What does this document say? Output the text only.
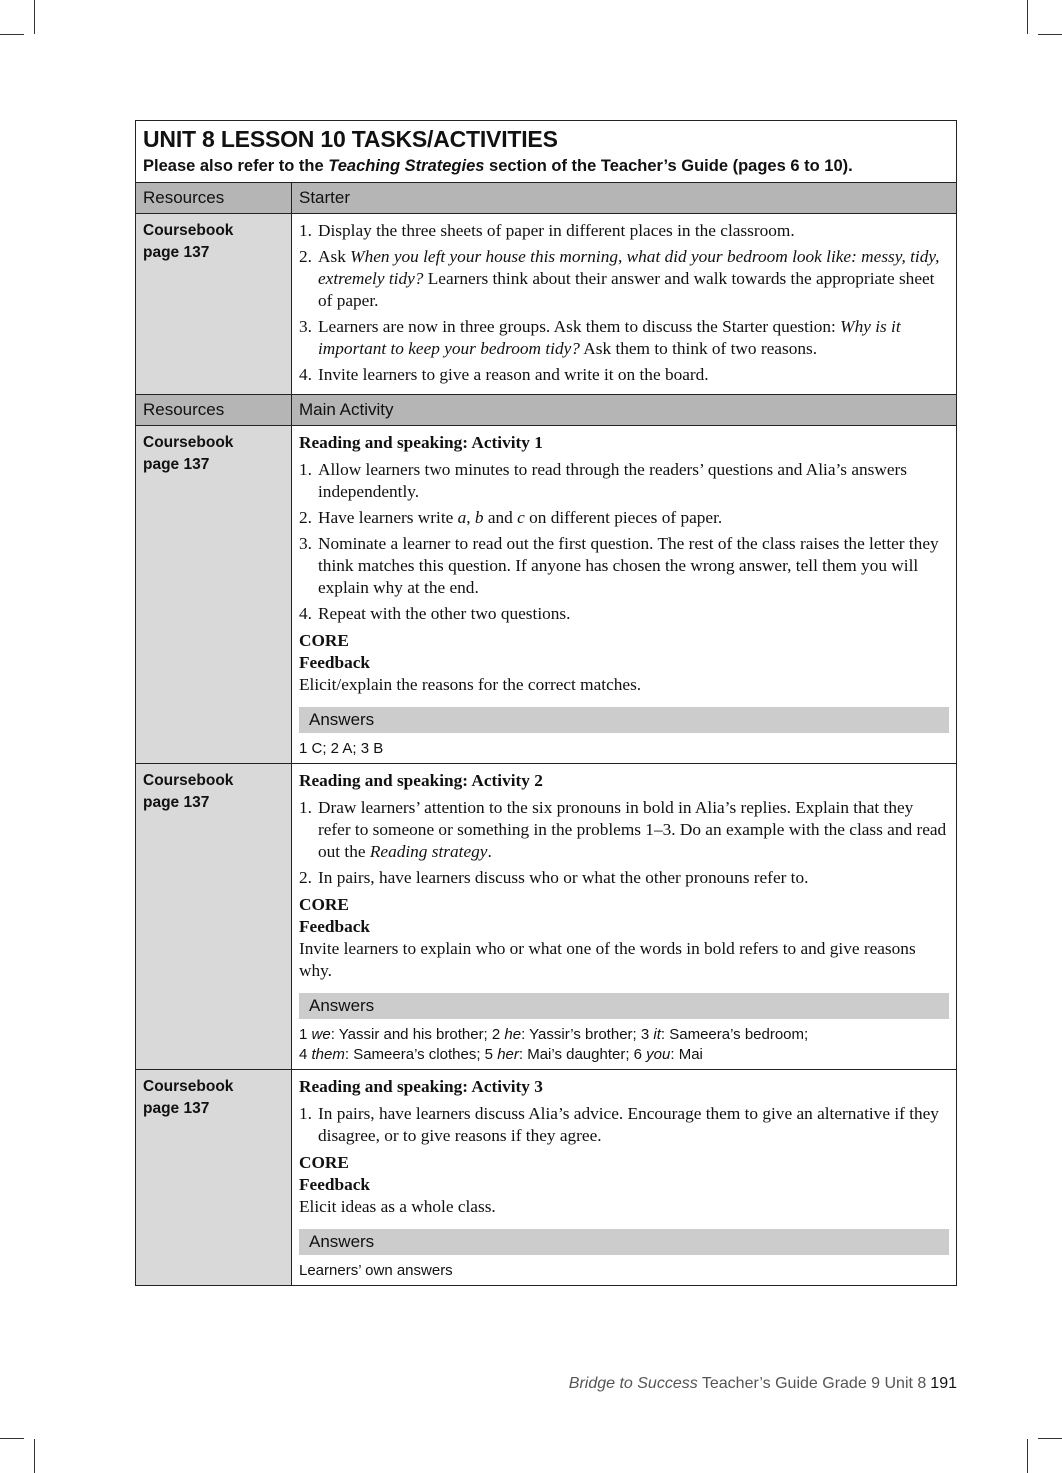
UNIT 8 LESSON 10 TASKS/ACTIVITIES
Please also refer to the Teaching Strategies section of the Teacher’s Guide (pages 6 to 10).
Resources	Starter
Coursebook
page 137
1. Display the three sheets of paper in different places in the classroom.
2. Ask When you left your house this morning, what did your bedroom look like: messy, tidy, extremely tidy? Learners think about their answer and walk towards the appropriate sheet of paper.
3. Learners are now in three groups. Ask them to discuss the Starter question: Why is it important to keep your bedroom tidy? Ask them to think of two reasons.
4. Invite learners to give a reason and write it on the board.
Resources	Main Activity
Coursebook
page 137
Reading and speaking: Activity 1
1. Allow learners two minutes to read through the readers’ questions and Alia’s answers independently.
2. Have learners write a, b and c on different pieces of paper.
3. Nominate a learner to read out the first question. The rest of the class raises the letter they think matches this question. If anyone has chosen the wrong answer, tell them you will explain why at the end.
4. Repeat with the other two questions.
CORE
Feedback
Elicit/explain the reasons for the correct matches.
Answers
1 C; 2 A; 3 B
Coursebook
page 137
Reading and speaking: Activity 2
1. Draw learners’ attention to the six pronouns in bold in Alia’s replies. Explain that they refer to someone or something in the problems 1–3. Do an example with the class and read out the Reading strategy.
2. In pairs, have learners discuss who or what the other pronouns refer to.
CORE
Feedback
Invite learners to explain who or what one of the words in bold refers to and give reasons why.
Answers
1 we: Yassir and his brother; 2 he: Yassir’s brother; 3 it: Sameera’s bedroom;
4 them: Sameera’s clothes; 5 her: Mai’s daughter; 6 you: Mai
Coursebook
page 137
Reading and speaking: Activity 3
1. In pairs, have learners discuss Alia’s advice. Encourage them to give an alternative if they disagree, or to give reasons if they agree.
CORE
Feedback
Elicit ideas as a whole class.
Answers
Learners’ own answers
Bridge to Success Teacher’s Guide Grade 9 Unit 8 191
